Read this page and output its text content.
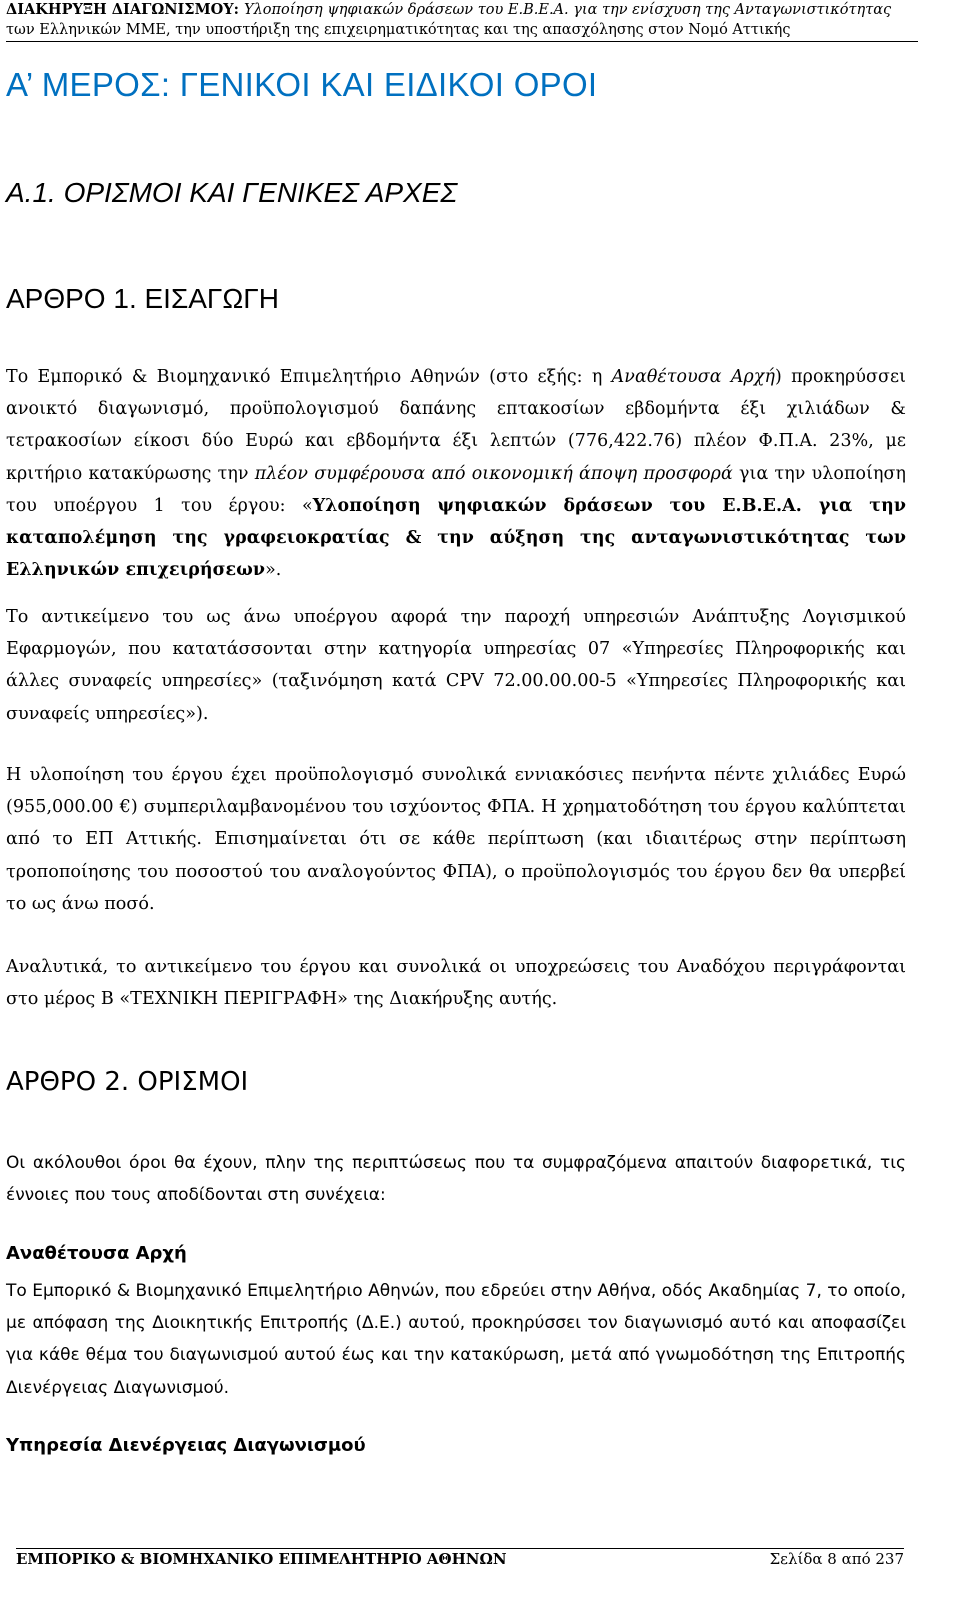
ΔΙΑΚΗΡΥΞΗ ΔΙΑΓΩΝΙΣΜΟΥ: Υλοποίηση ψηφιακών δράσεων του Ε.Β.Ε.Α. για την ενίσχυση της Ανταγωνιστικότητας
των Ελληνικών ΜΜΕ, την υποστήριξη της επιχειρηματικότητας και της απασχόλησης στον Νομό Αττικής
Α’ ΜΕΡΟΣ: ΓΕΝΙΚΟΙ ΚΑΙ ΕΙΔΙΚΟΙ ΟΡΟΙ
Α.1. ΟΡΙΣΜΟΙ ΚΑΙ ΓΕΝΙΚΕΣ ΑΡΧΕΣ
ΑΡΘΡΟ 1. ΕΙΣΑΓΩΓΗ

Το Εμπορικό & Βιομηχανικό Επιμελητήριο Αθηνών (στο εξής: η Αναθέτουσα Αρχή) προκηρύσσει ανοικτό διαγωνισμό, προϋπολογισμού δαπάνης επτακοσίων εβδομήντα έξι χιλιάδων & τετρακοσίων είκοσι δύο Ευρώ και εβδομήντα έξι λεπτών (776,422.76) πλέον Φ.Π.Α. 23%, με κριτήριο κατακύρωσης την πλέον συμφέρουσα από οικονομική άποψη προσφορά για την υλοποίηση του υποέργου 1 του έργου: «Υλοποίηση ψηφιακών δράσεων του Ε.Β.Ε.Α. για την καταπολέμηση της γραφειοκρατίας & την αύξηση της ανταγωνιστικότητας των Ελληνικών επιχειρήσεων».

Το αντικείμενο του ως άνω υποέργου αφορά την παροχή υπηρεσιών Ανάπτυξης Λογισμικού Εφαρμογών, που κατατάσσονται στην κατηγορία υπηρεσίας 07 «Υπηρεσίες Πληροφορικής και άλλες συναφείς υπηρεσίες» (ταξινόμηση κατά CPV 72.00.00.00-5 «Υπηρεσίες Πληροφορικής και συναφείς υπηρεσίες»).

Η υλοποίηση του έργου έχει προϋπολογισμό συνολικά εννιακόσιες πενήντα πέντε χιλιάδες Ευρώ (955,000.00 €) συμπεριλαμβανομένου του ισχύοντος ΦΠΑ. Η χρηματοδότηση του έργου καλύπτεται από το ΕΠ Αττικής. Επισημαίνεται ότι σε κάθε περίπτωση (και ιδιαιτέρως στην περίπτωση τροποποίησης του ποσοστού του αναλογούντος ΦΠΑ), ο προϋπολογισμός του έργου δεν θα υπερβεί το ως άνω ποσό.

Αναλυτικά, το αντικείμενο του έργου και συνολικά οι υποχρεώσεις του Αναδόχου περιγράφονται στο μέρος Β «ΤΕΧΝΙΚΗ ΠΕΡΙΓΡΑΦΗ» της Διακήρυξης αυτής.

ΑΡΘΡΟ 2. ΟΡΙΣΜΟΙ

Οι ακόλουθοι όροι θα έχουν, πλην της περιπτώσεως που τα συμφραζόμενα απαιτούν διαφορετικά, τις έννοιες που τους αποδίδονται στη συνέχεια:

Αναθέτουσα Αρχή

Το Εμπορικό & Βιομηχανικό Επιμελητήριο Αθηνών, που εδρεύει στην Αθήνα, οδός Ακαδημίας 7, το οποίο, με απόφαση της Διοικητικής Επιτροπής (Δ.Ε.) αυτού, προκηρύσσει τον διαγωνισμό αυτό και αποφασίζει για κάθε θέμα του διαγωνισμού αυτού έως και την κατακύρωση, μετά από γνωμοδότηση της Επιτροπής Διενέργειας Διαγωνισμού.

Υπηρεσία Διενέργειας Διαγωνισμού
ΕΜΠΟΡΙΚΟ & ΒΙΟΜΗΧΑΝΙΚΟ ΕΠΙΜΕΛΗΤΗΡΙΟ ΑΘΗΝΩΝ	Σελίδα 8 από 237
